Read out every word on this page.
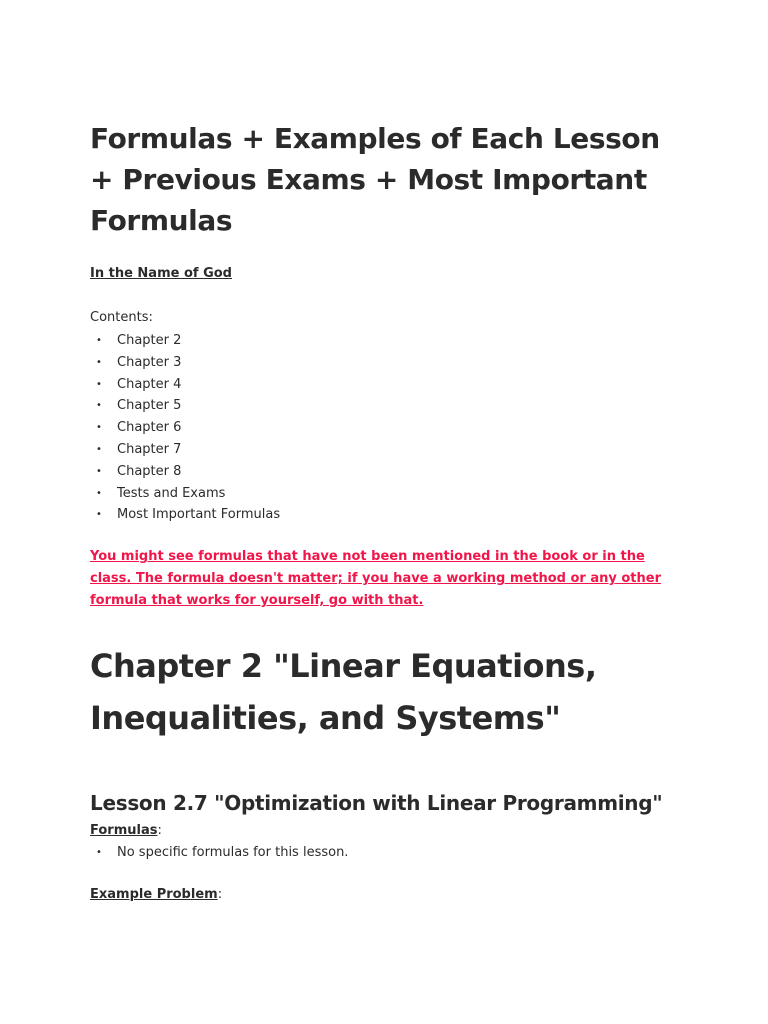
Formulas + Examples of Each Lesson + Previous Exams + Most Important Formulas

In the Name of God

Contents:

• Chapter 2
• Chapter 3
• Chapter 4
• Chapter 5
• Chapter 6
• Chapter 7
• Chapter 8
• Tests and Exams
• Most Important Formulas

You might see formulas that have not been mentioned in the book or in the class. The formula doesn't matter; if you have a working method or any other formula that works for yourself, go with that.

Chapter 2 "Linear Equations, Inequalities, and Systems"
Lesson 2.7 "Optimization with Linear Programming"

Formulas:

• No specific formulas for this lesson.

Example Problem:
